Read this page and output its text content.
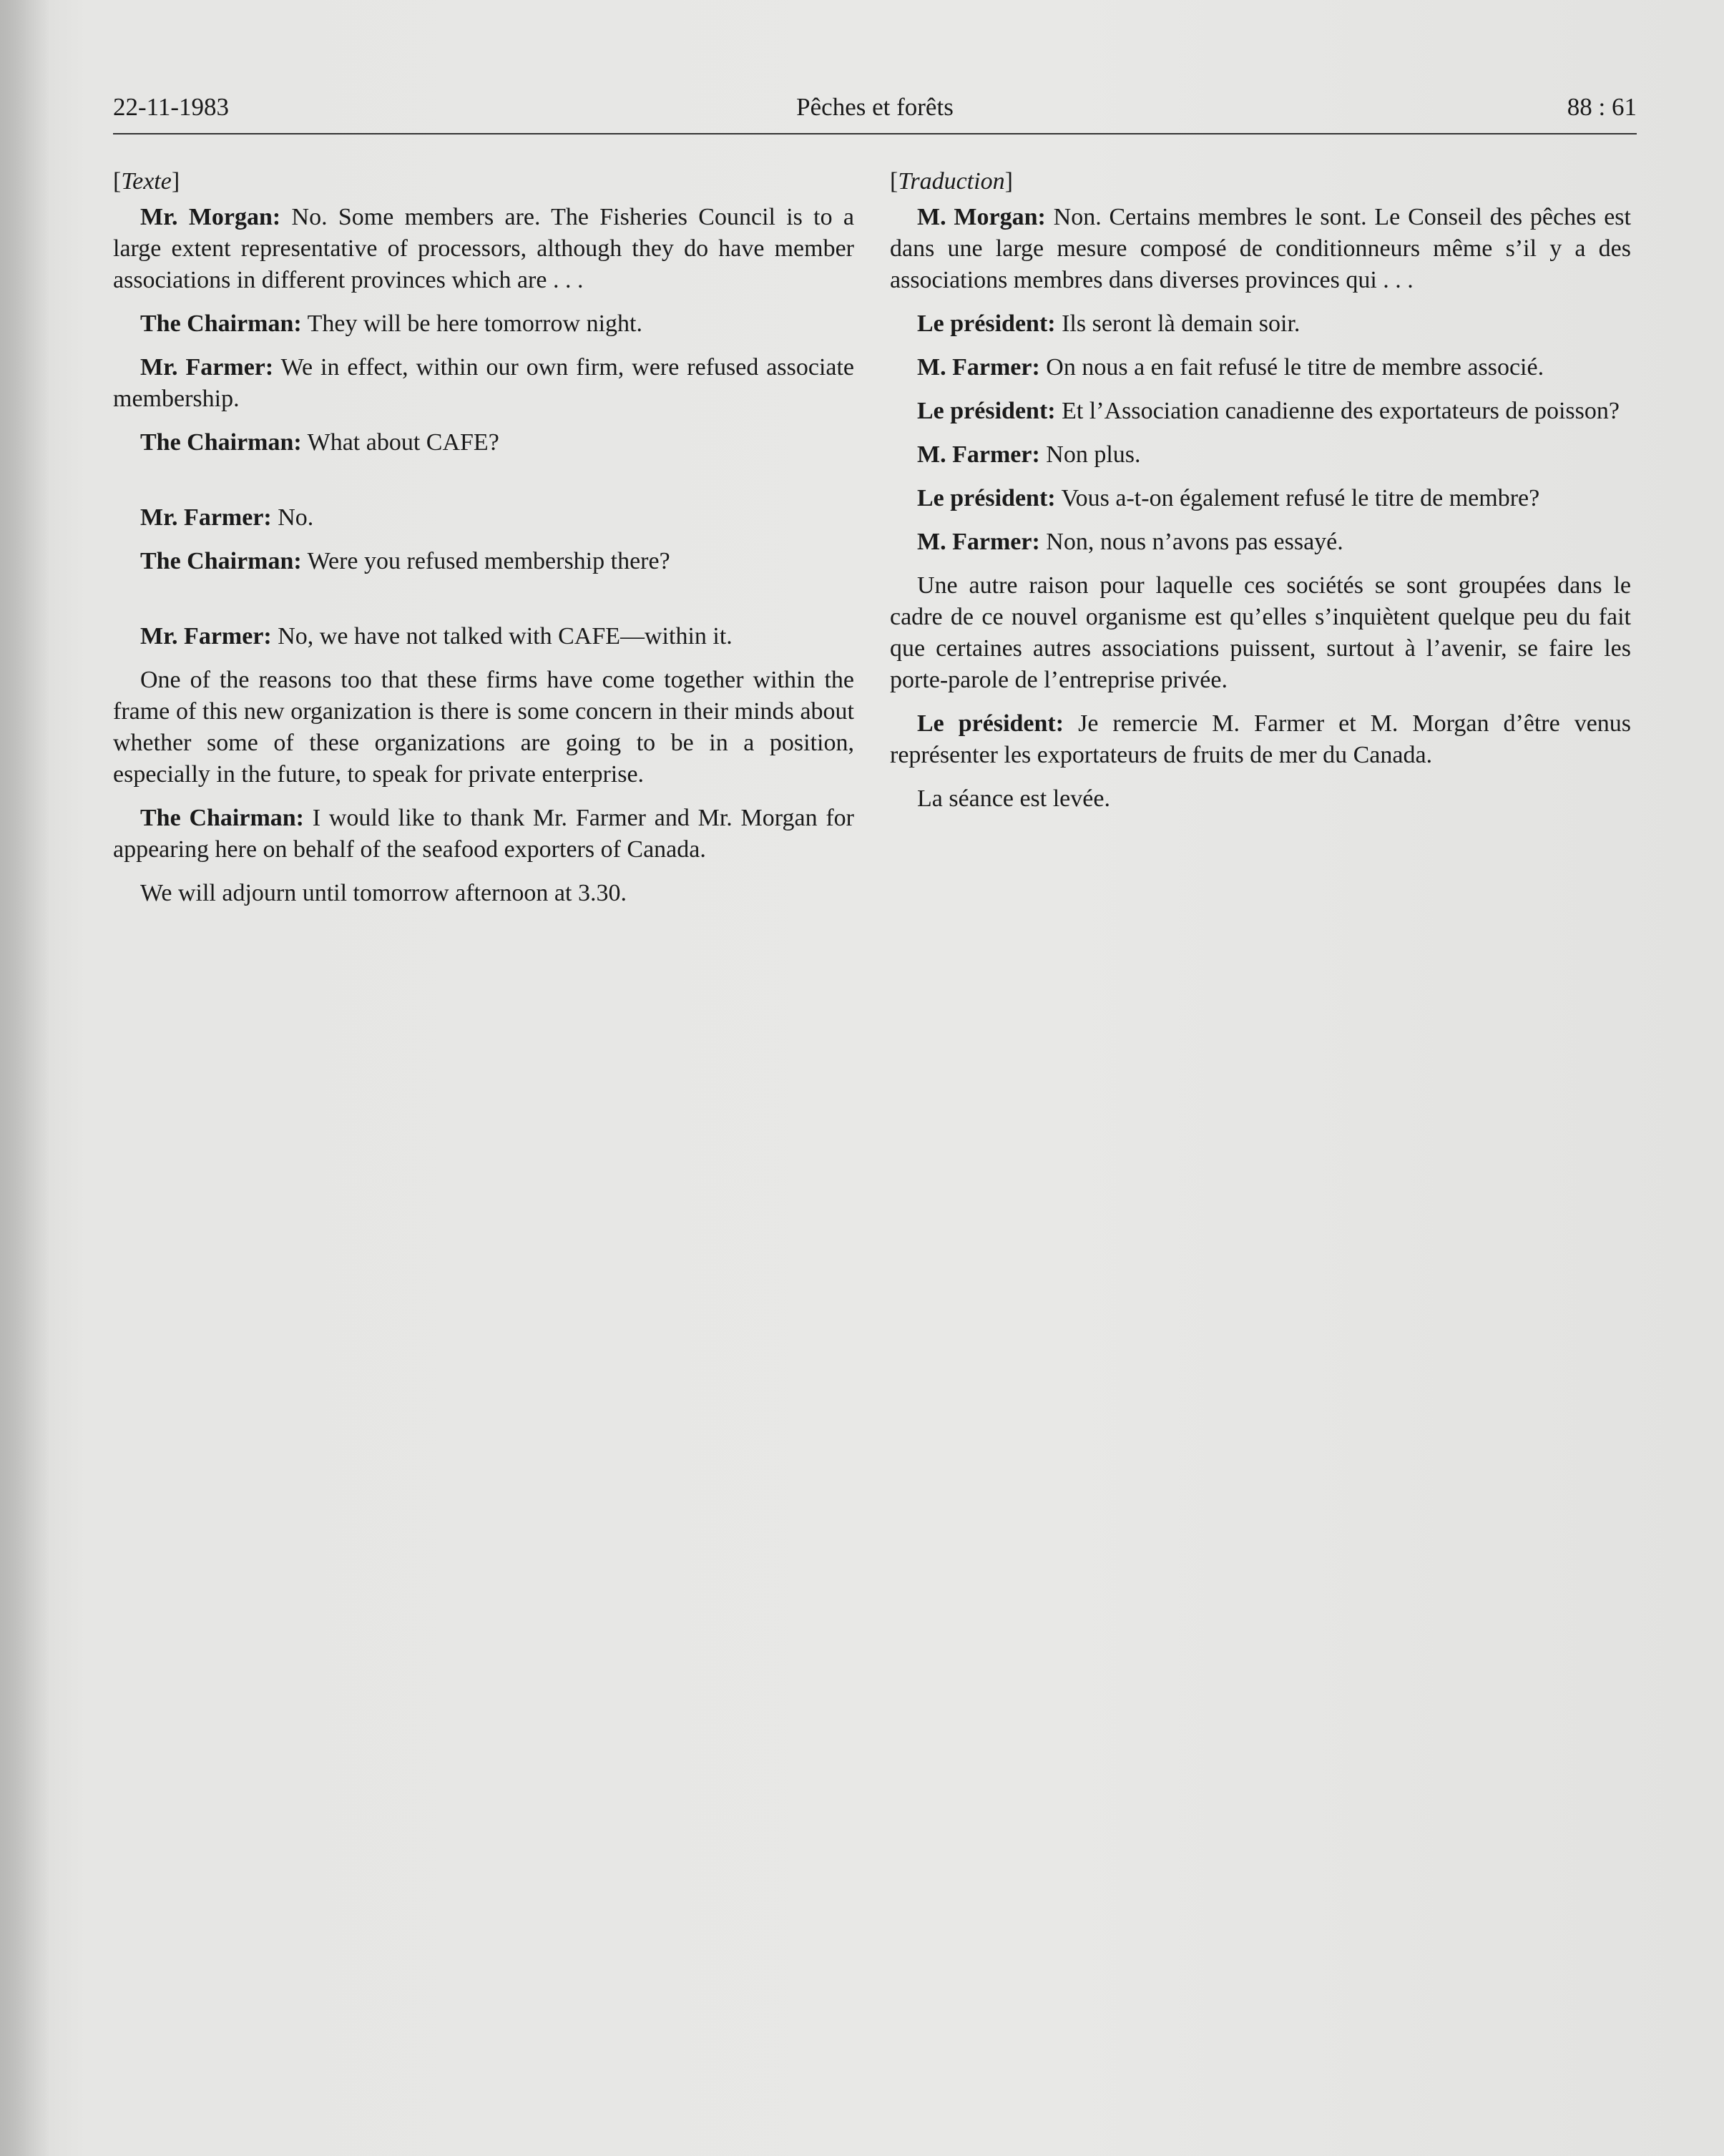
22-11-1983	Pêches et forêts	88 : 61
[Texte]

Mr. Morgan: No. Some members are. The Fisheries Council is to a large extent representative of processors, although they do have member associations in different provinces which are . . .

The Chairman: They will be here tomorrow night.

Mr. Farmer: We in effect, within our own firm, were refused associate membership.

The Chairman: What about CAFE?

Mr. Farmer: No.

The Chairman: Were you refused membership there?

Mr. Farmer: No, we have not talked with CAFE—within it.

One of the reasons too that these firms have come together within the frame of this new organization is there is some concern in their minds about whether some of these organizations are going to be in a position, especially in the future, to speak for private enterprise.

The Chairman: I would like to thank Mr. Farmer and Mr. Morgan for appearing here on behalf of the seafood exporters of Canada.

We will adjourn until tomorrow afternoon at 3.30.

[Traduction]

M. Morgan: Non. Certains membres le sont. Le Conseil des pêches est dans une large mesure composé de conditionneurs même s’il y a des associations membres dans diverses provinces qui . . .

Le président: Ils seront là demain soir.

M. Farmer: On nous a en fait refusé le titre de membre associé.

Le président: Et l’Association canadienne des exportateurs de poisson?

M. Farmer: Non plus.

Le président: Vous a-t-on également refusé le titre de membre?

M. Farmer: Non, nous n’avons pas essayé.

Une autre raison pour laquelle ces sociétés se sont groupées dans le cadre de ce nouvel organisme est qu’elles s’inquiètent quelque peu du fait que certaines autres associations puissent, surtout à l’avenir, se faire les porte-parole de l’entreprise privée.

Le président: Je remercie M. Farmer et M. Morgan d’être venus représenter les exportateurs de fruits de mer du Canada.

La séance est levée.
